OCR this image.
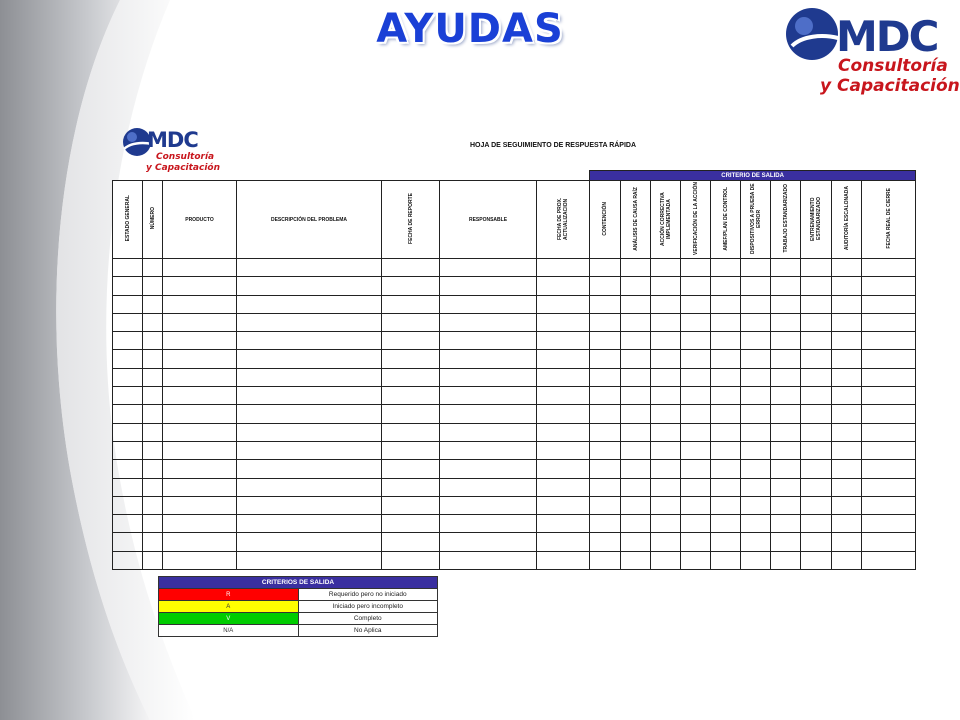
AYUDAS	MDC
Consultoría
y Capacitación
MDC
Consultoría
y Capacitación
HOJA DE SEGUIMIENTO DE RESPUESTA RÁPIDA
							CRITERIO DE SALIDA									
ESTADO GENERAL	NÚMERO	PRODUCTO	DESCRIPCIÓN DEL PROBLEMA	FECHA DE REPORTE	RESPONSABLE	FECHA DE PROX. ACTUALIZACION	CONTENCIÓN	ANÁLISIS DE CAUSA RAÍZ	ACCIÓN CORRECTIVA IMPLEMENTADA	VERIFICACIÓN DE LA ACCIÓN	AMEF/PLAN DE CONTROL	DISPOSITIVOS A PRUEBA DE ERROR	TRABAJO ESTANDARIZADO	ENTRENAMIENTO ESTANDARIZADO	AUDITORÍA ESCALONADA	FECHA REAL DE CIERRE

CRITERIOS DE SALIDA	
R	Requerido pero no iniciado
A	Iniciado pero incompleto
V	Completo
N/A	No Aplica
